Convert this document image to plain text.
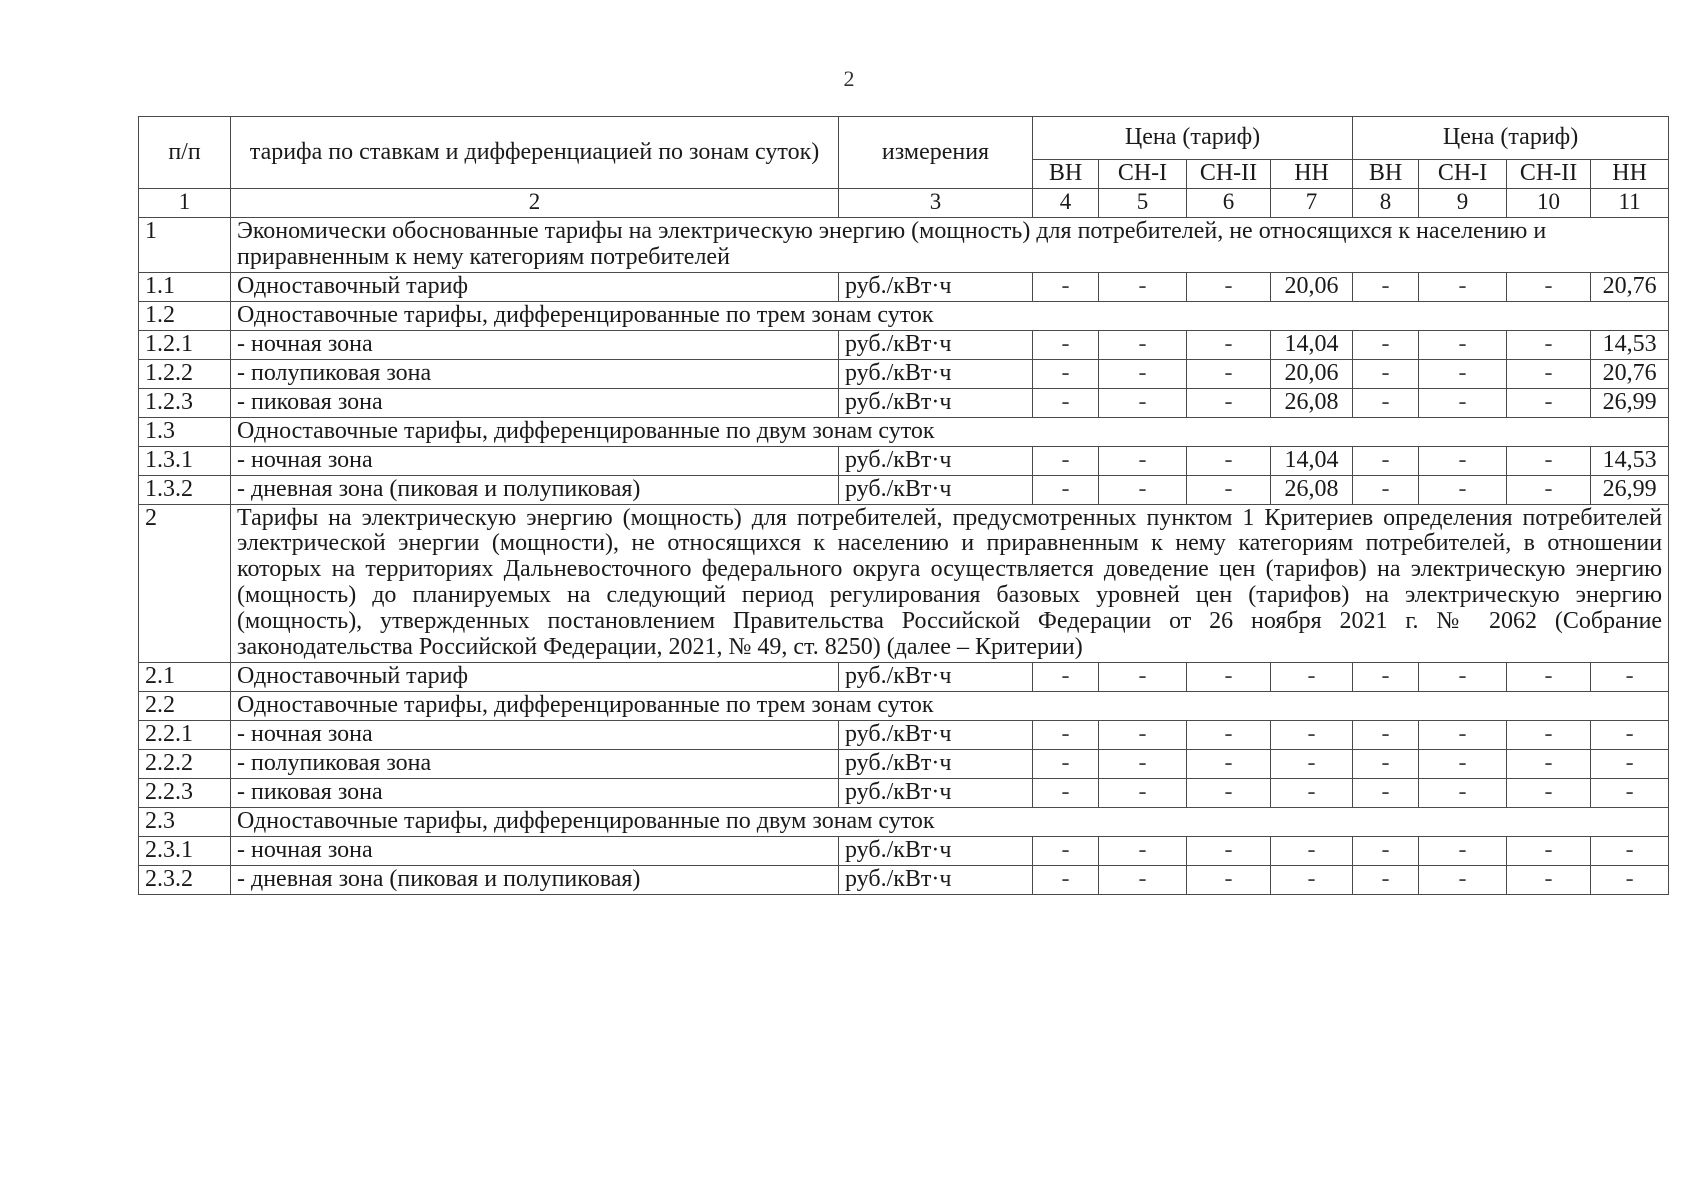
2
п/п	тарифа по ставкам и дифференциацией по зонам суток)	измерения	Цена (тариф)				Цена (тариф)			
			ВН	СН-I	СН-II	НН	ВН	СН-I	СН-II	НН
1	2	3	4	5	6	7	8	9	10	11
1	Экономически обоснованные тарифы на электрическую энергию (мощность) для потребителей, не относящихся к населению и приравненным к нему категориям потребителей									
1.1	Одноставочный тариф	руб./кВт·ч	-	-	-	20,06	-	-	-	20,76
1.2	Одноставочные тарифы, дифференцированные по трем зонам суток									
1.2.1	- ночная зона	руб./кВт·ч	-	-	-	14,04	-	-	-	14,53
1.2.2	- полупиковая зона	руб./кВт·ч	-	-	-	20,06	-	-	-	20,76
1.2.3	- пиковая зона	руб./кВт·ч	-	-	-	26,08	-	-	-	26,99
1.3	Одноставочные тарифы, дифференцированные по двум зонам суток									
1.3.1	- ночная зона	руб./кВт·ч	-	-	-	14,04	-	-	-	14,53
1.3.2	- дневная зона (пиковая и полупиковая)	руб./кВт·ч	-	-	-	26,08	-	-	-	26,99
2	Тарифы на электрическую энергию (мощность) для потребителей, предусмотренных пунктом 1 Критериев определения потребителей электрической энергии (мощности), не относящихся к населению и приравненным к нему категориям потребителей, в отношении которых на территориях Дальневосточного федерального округа осуществляется доведение цен (тарифов) на электрическую энергию (мощность) до планируемых на следующий период регулирования базовых уровней цен (тарифов) на электрическую энергию (мощность), утвержденных постановлением Правительства Российской Федерации от 26 ноября 2021 г. № 2062 (Собрание законодательства Российской Федерации, 2021, № 49, ст. 8250) (далее – Критерии)									
2.1	Одноставочный тариф	руб./кВт·ч	-	-	-	-	-	-	-	-
2.2	Одноставочные тарифы, дифференцированные по трем зонам суток									
2.2.1	- ночная зона	руб./кВт·ч	-	-	-	-	-	-	-	-
2.2.2	- полупиковая зона	руб./кВт·ч	-	-	-	-	-	-	-	-
2.2.3	- пиковая зона	руб./кВт·ч	-	-	-	-	-	-	-	-
2.3	Одноставочные тарифы, дифференцированные по двум зонам суток									
2.3.1	- ночная зона	руб./кВт·ч	-	-	-	-	-	-	-	-
2.3.2	- дневная зона (пиковая и полупиковая)	руб./кВт·ч	-	-	-	-	-	-	-	-
